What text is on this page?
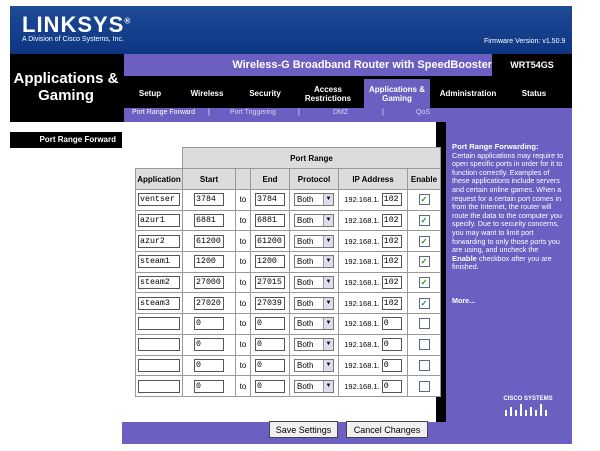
LINKSYS®
A Division of Cisco Systems, Inc.	Firmware Version: v1.50.9
Applications & Gaming
Wireless-G Broadband Router with SpeedBooster	WRT54GS
Setup	Wireless	Security	Access Restrictions
Applications & Gaming	Administration	Status
Port Range Forward |	Port Triggering	|	DMZ	|	QoS
Port Range Forward
	Port Range					
Application	Start		End	Protocol	IP Address	Enable

ventser	3784	to	3784	Both ▼	192.168.1. 102	✓

azur1	6881	to	6881	Both ▼	192.168.1. 102	✓

azur2	61200	to	61200	Both ▼	192.168.1. 102	✓

steam1	1200	to	1200	Both ▼	192.168.1. 102	✓

steam2	27000	to	27015	Both ▼	192.168.1. 102	✓

steam3	27020	to	27039	Both ▼	192.168.1. 102	✓

	0	to	0	Both ▼	192.168.1. 0	

	0	to	0	Both ▼	192.168.1. 0	

	0	to	0	Both ▼	192.168.1. 0	

	0	to	0	Both ▼	192.168.1. 0	

Port Range Forwarding:
Certain applications may require to open specific ports in order for it to function correctly. Examples of these applications include servers and certain online games. When a request for a certain port comes in from the Internet, the router will route the data to the computer you specify. Due to security concerns, you may want to limit port forwarding to only those ports you are using, and uncheck the Enable checkbox after you are finished.
More...
CISCO SYSTEMS
Save Settings	Cancel Changes
